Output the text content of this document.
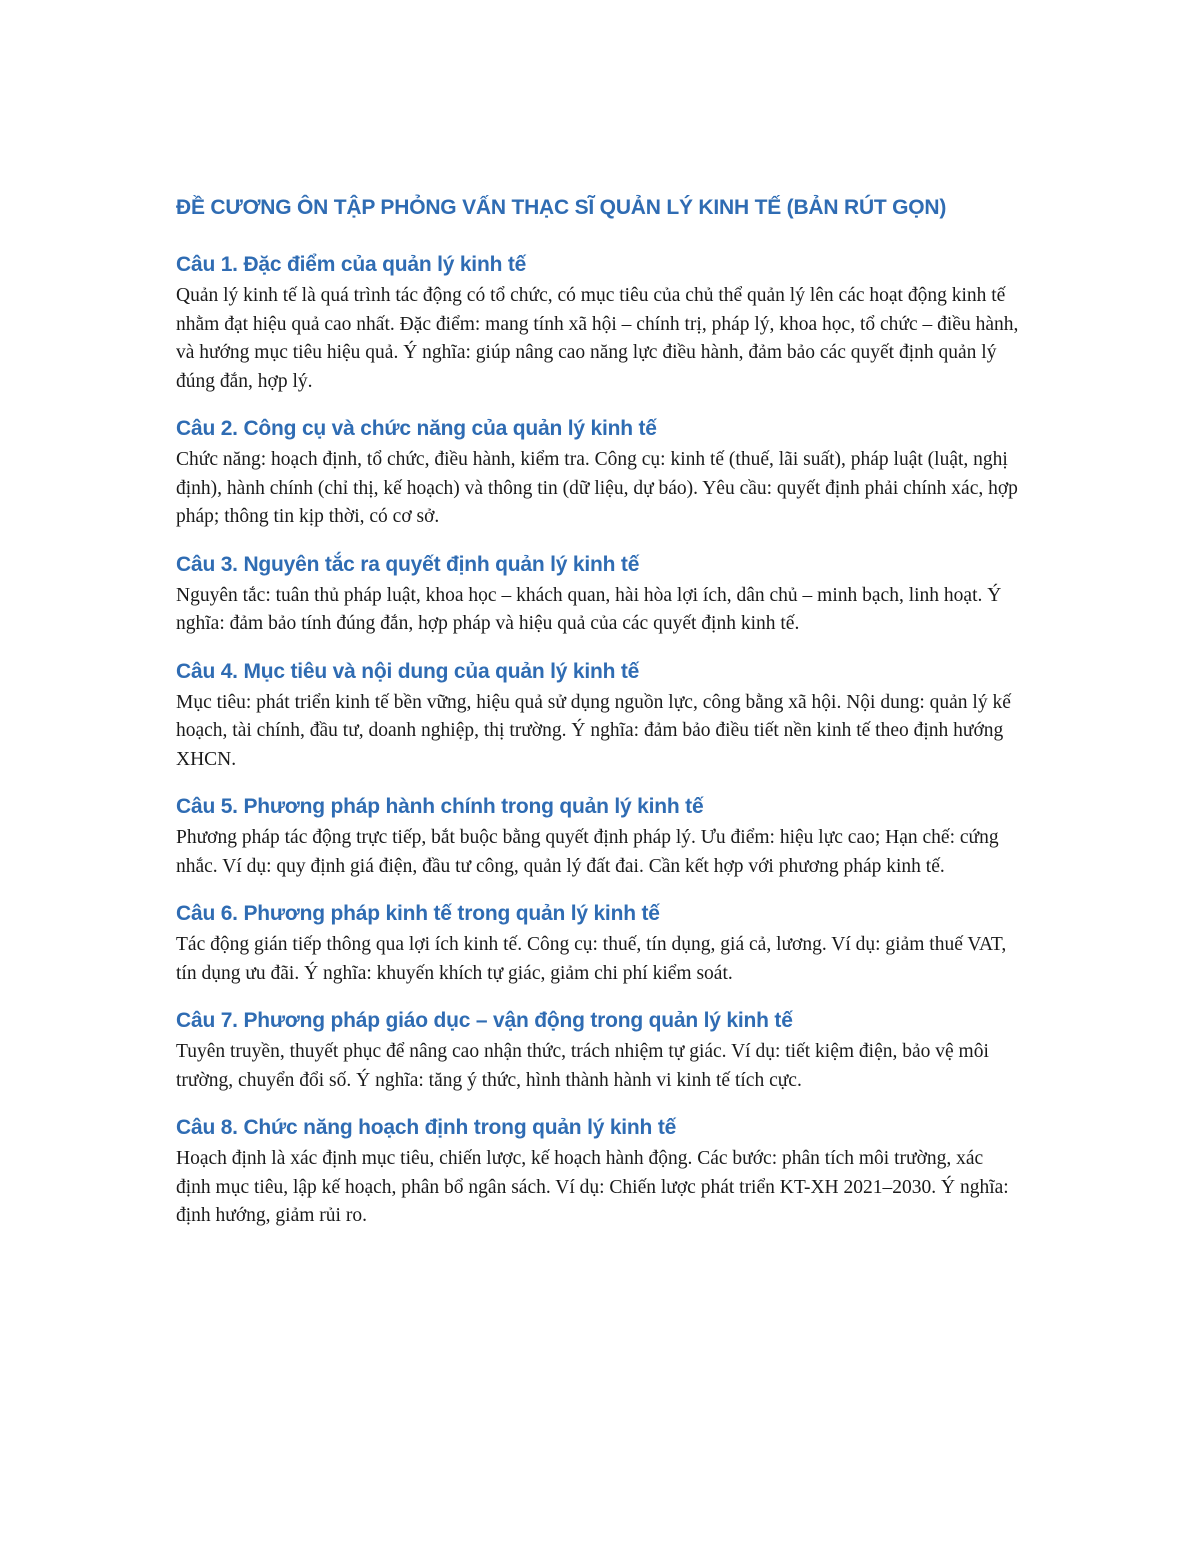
ĐỀ CƯƠNG ÔN TẬP PHỎNG VẤN THẠC SĨ QUẢN LÝ KINH TẾ (BẢN RÚT GỌN)
Câu 1. Đặc điểm của quản lý kinh tế

Quản lý kinh tế là quá trình tác động có tổ chức, có mục tiêu của chủ thể quản lý lên các hoạt động kinh tế nhằm đạt hiệu quả cao nhất. Đặc điểm: mang tính xã hội – chính trị, pháp lý, khoa học, tổ chức – điều hành, và hướng mục tiêu hiệu quả. Ý nghĩa: giúp nâng cao năng lực điều hành, đảm bảo các quyết định quản lý đúng đắn, hợp lý.

Câu 2. Công cụ và chức năng của quản lý kinh tế

Chức năng: hoạch định, tổ chức, điều hành, kiểm tra. Công cụ: kinh tế (thuế, lãi suất), pháp luật (luật, nghị định), hành chính (chỉ thị, kế hoạch) và thông tin (dữ liệu, dự báo). Yêu cầu: quyết định phải chính xác, hợp pháp; thông tin kịp thời, có cơ sở.

Câu 3. Nguyên tắc ra quyết định quản lý kinh tế

Nguyên tắc: tuân thủ pháp luật, khoa học – khách quan, hài hòa lợi ích, dân chủ – minh bạch, linh hoạt. Ý nghĩa: đảm bảo tính đúng đắn, hợp pháp và hiệu quả của các quyết định kinh tế.

Câu 4. Mục tiêu và nội dung của quản lý kinh tế

Mục tiêu: phát triển kinh tế bền vững, hiệu quả sử dụng nguồn lực, công bằng xã hội. Nội dung: quản lý kế hoạch, tài chính, đầu tư, doanh nghiệp, thị trường. Ý nghĩa: đảm bảo điều tiết nền kinh tế theo định hướng XHCN.

Câu 5. Phương pháp hành chính trong quản lý kinh tế

Phương pháp tác động trực tiếp, bắt buộc bằng quyết định pháp lý. Ưu điểm: hiệu lực cao; Hạn chế: cứng nhắc. Ví dụ: quy định giá điện, đầu tư công, quản lý đất đai. Cần kết hợp với phương pháp kinh tế.

Câu 6. Phương pháp kinh tế trong quản lý kinh tế

Tác động gián tiếp thông qua lợi ích kinh tế. Công cụ: thuế, tín dụng, giá cả, lương. Ví dụ: giảm thuế VAT, tín dụng ưu đãi. Ý nghĩa: khuyến khích tự giác, giảm chi phí kiểm soát.

Câu 7. Phương pháp giáo dục – vận động trong quản lý kinh tế

Tuyên truyền, thuyết phục để nâng cao nhận thức, trách nhiệm tự giác. Ví dụ: tiết kiệm điện, bảo vệ môi trường, chuyển đổi số. Ý nghĩa: tăng ý thức, hình thành hành vi kinh tế tích cực.

Câu 8. Chức năng hoạch định trong quản lý kinh tế

Hoạch định là xác định mục tiêu, chiến lược, kế hoạch hành động. Các bước: phân tích môi trường, xác định mục tiêu, lập kế hoạch, phân bổ ngân sách. Ví dụ: Chiến lược phát triển KT-XH 2021–2030. Ý nghĩa: định hướng, giảm rủi ro.
